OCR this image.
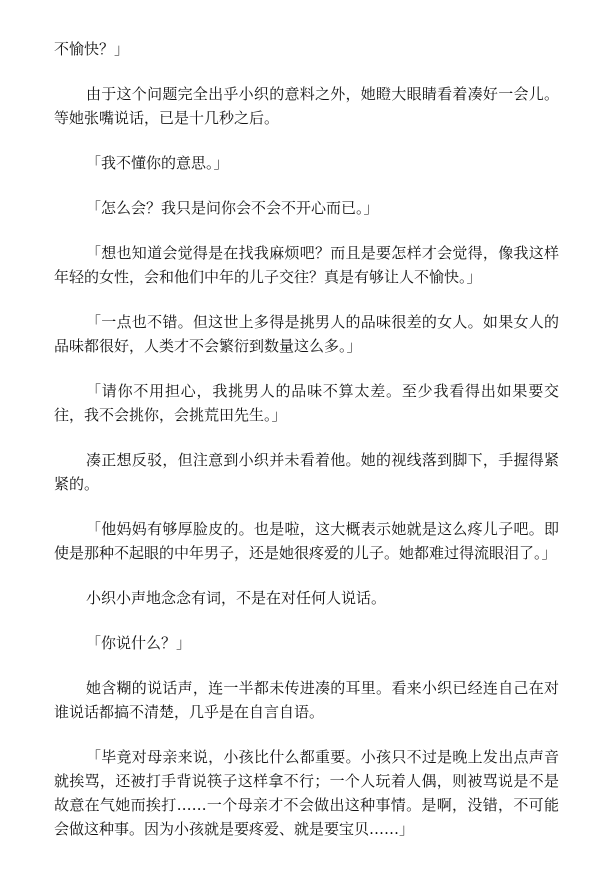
不愉快？」

由于这个问题完全出乎小织的意料之外，她瞪大眼睛看着凑好一会儿。等她张嘴说话，已是十几秒之后。

「我不懂你的意思。」

「怎么会？我只是问你会不会不开心而已。」

「想也知道会觉得是在找我麻烦吧？而且是要怎样才会觉得，像我这样年轻的女性，会和他们中年的儿子交往？真是有够让人不愉快。」

「一点也不错。但这世上多得是挑男人的品味很差的女人。如果女人的品味都很好，人类才不会繁衍到数量这么多。」

「请你不用担心，我挑男人的品味不算太差。至少我看得出如果要交往，我不会挑你，会挑荒田先生。」

凑正想反驳，但注意到小织并未看着他。她的视线落到脚下，手握得紧紧的。

「他妈妈有够厚脸皮的。也是啦，这大概表示她就是这么疼儿子吧。即使是那种不起眼的中年男子，还是她很疼爱的儿子。她都难过得流眼泪了。」

小织小声地念念有词，不是在对任何人说话。

「你说什么？」

她含糊的说话声，连一半都未传进凑的耳里。看来小织已经连自己在对谁说话都搞不清楚，几乎是在自言自语。

「毕竟对母亲来说，小孩比什么都重要。小孩只不过是晚上发出点声音就挨骂，还被打手背说筷子这样拿不行；一个人玩着人偶，则被骂说是不是故意在气她而挨打……一个母亲才不会做出这种事情。是啊，没错，不可能会做这种事。因为小孩就是要疼爱、就是要宝贝……」
